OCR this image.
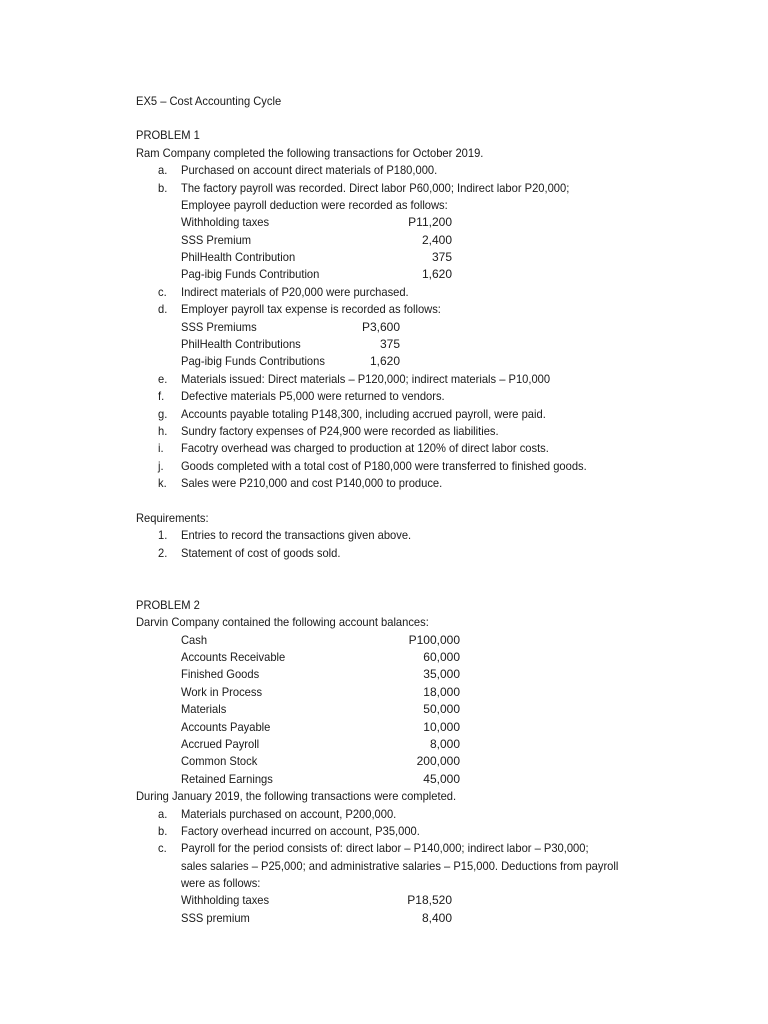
EX5 – Cost Accounting Cycle
PROBLEM 1
Ram Company completed the following transactions for October 2019.
a. Purchased on account direct materials of P180,000.
b. The factory payroll was recorded. Direct labor P60,000; Indirect labor P20,000;
Employee payroll deduction were recorded as follows:
Withholding taxes	P11,200
SSS Premium	2,400
PhilHealth Contribution	375
Pag-ibig Funds Contribution	1,620
c. Indirect materials of P20,000 were purchased.
d. Employer payroll tax expense is recorded as follows:
SSS Premiums	P3,600
PhilHealth Contributions	375
Pag-ibig Funds Contributions	1,620
e. Materials issued: Direct materials – P120,000; indirect materials – P10,000
f. Defective materials P5,000 were returned to vendors.
g. Accounts payable totaling P148,300, including accrued payroll, were paid.
h. Sundry factory expenses of P24,900 were recorded as liabilities.
i. Facotry overhead was charged to production at 120% of direct labor costs.
j. Goods completed with a total cost of P180,000 were transferred to finished goods.
k. Sales were P210,000 and cost P140,000 to produce.
Requirements:
1. Entries to record the transactions given above.
2. Statement of cost of goods sold.
PROBLEM 2
Darvin Company contained the following account balances:
Cash	P100,000
Accounts Receivable	60,000
Finished Goods	35,000
Work in Process	18,000
Materials	50,000
Accounts Payable	10,000
Accrued Payroll	8,000
Common Stock	200,000
Retained Earnings	45,000
During January 2019, the following transactions were completed.
a. Materials purchased on account, P200,000.
b. Factory overhead incurred on account, P35,000.
c. Payroll for the period consists of: direct labor – P140,000; indirect labor – P30,000;
sales salaries – P25,000; and administrative salaries – P15,000. Deductions from payroll
were as follows:
Withholding taxes	P18,520
SSS premium	8,400
